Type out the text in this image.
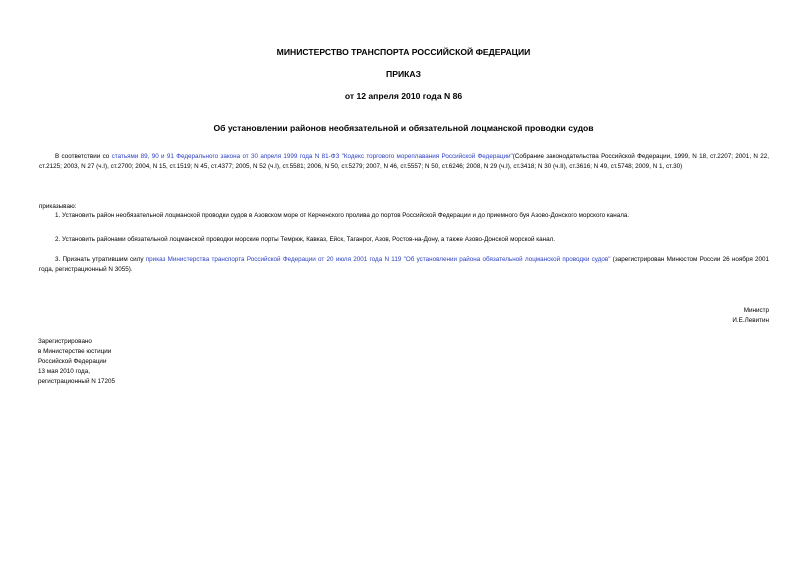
МИНИСТЕРСТВО ТРАНСПОРТА РОССИЙСКОЙ ФЕДЕРАЦИИ
ПРИКАЗ
от 12 апреля 2010 года N 86
Об установлении районов необязательной и обязательной лоцманской проводки судов
В соответствии со статьями 89, 90 и 91 Федерального закона от 30 апреля 1999 года N 81-ФЗ "Кодекс торгового мореплавания Российской Федерации"(Собрание законодательства Российской Федерации, 1999, N 18, ст.2207; 2001, N 22, ст.2125; 2003, N 27 (ч.I), ст.2700; 2004, N 15, ст.1519; N 45, ст.4377; 2005, N 52 (ч.I), ст.5581; 2006, N 50, ст.5279; 2007, N 46, ст.5557; N 50, ст.6246; 2008, N 29 (ч.I), ст.3418; N 30 (ч.II), ст.3616; N 49, ст.5748; 2009, N 1, ст.30)
приказываю:
1. Установить район необязательной лоцманской проводки судов в Азовском море от Керченского пролива до портов Российской Федерации и до приемного буя Азово-Донского морского канала.
2. Установить районами обязательной лоцманской проводки морские порты Темрюк, Кавказ, Ейск, Таганрог, Азов, Ростов-на-Дону, а также Азово-Донской морской канал.
3. Признать утратившим силу приказ Министерства транспорта Российской Федерации от 20 июля 2001 года N 119 "Об установлении района обязательной лоцманской проводки судов" (зарегистрирован Минюстом России 26 ноября 2001 года, регистрационный N 3055).
Министр
И.Е.Левитин
Зарегистрировано
в Министерстве юстиции
Российской Федерации
13 мая 2010 года,
регистрационный N 17205
